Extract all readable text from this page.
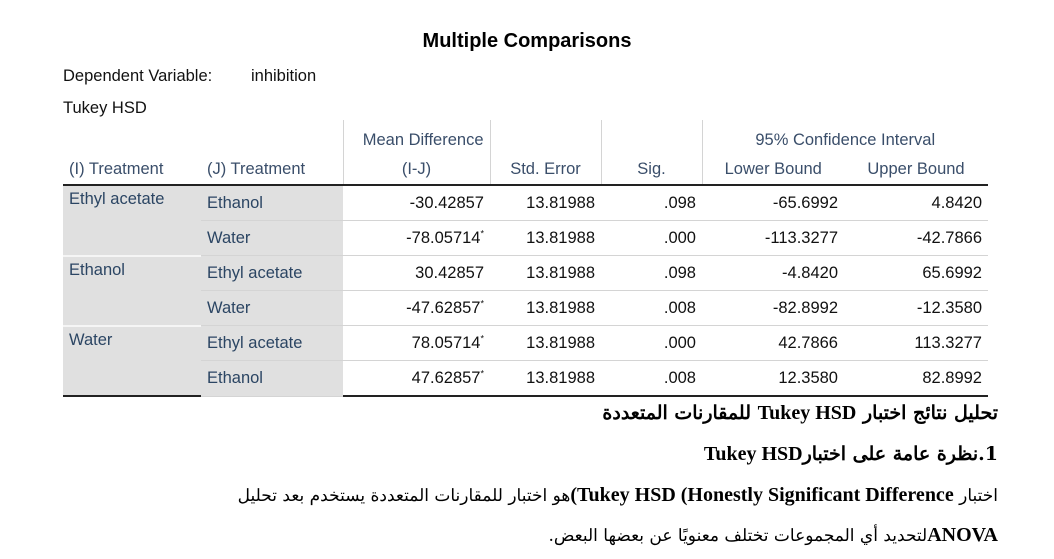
Multiple Comparisons
Dependent Variable: inhibition
Tukey HSD
		Mean Difference			95% Confidence Interval	
(I) Treatment	(J) Treatment	(I-J)	Std. Error	Sig.	Lower Bound	Upper Bound
Ethyl acetate	Ethanol	-30.42857	13.81988	.098	-65.6992	4.8420
	Water	-78.05714*	13.81988	.000	-113.3277	-42.7866
Ethanol	Ethyl acetate	30.42857	13.81988	.098	-4.8420	65.6992
	Water	-47.62857*	13.81988	.008	-82.8992	-12.3580
Water	Ethyl acetate	78.05714*	13.81988	.000	42.7866	113.3277
	Ethanol	47.62857*	13.81988	.008	12.3580	82.8992
تحليل نتائج اختبار Tukey HSD للمقارنات المتعددة
1.نظرة عامة على اختبارTukey HSD
اختبار (Tukey HSD (Honestly Significant Differenceهو اختبار للمقارنات المتعددة يستخدم بعد تحليل
ANOVAلتحديد أي المجموعات تختلف معنويًا عن بعضها البعض.
